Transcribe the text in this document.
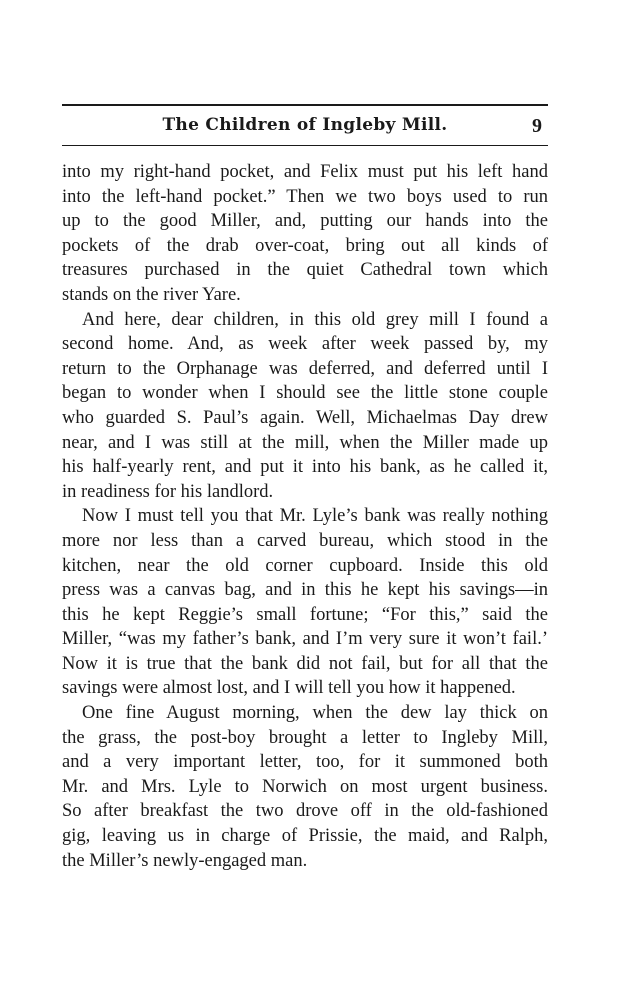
The Children of Ingleby Mill.	9
into my right-hand pocket, and Felix must put his left hand
into the left-hand pocket.” Then we two boys used to run
up to the good Miller, and, putting our hands into the
pockets of the drab over-coat, bring out all kinds of
treasures purchased in the quiet Cathedral town which
stands on the river Yare.
And here, dear children, in this old grey mill I found a
second home. And, as week after week passed by, my
return to the Orphanage was deferred, and deferred until I
began to wonder when I should see the little stone couple
who guarded S. Paul’s again. Well, Michaelmas Day drew
near, and I was still at the mill, when the Miller made up
his half-yearly rent, and put it into his bank, as he called it,
in readiness for his landlord.
Now I must tell you that Mr. Lyle’s bank was really nothing
more nor less than a carved bureau, which stood in the
kitchen, near the old corner cupboard. Inside this old
press was a canvas bag, and in this he kept his savings—in
this he kept Reggie’s small fortune; “For this,” said the
Miller, “was my father’s bank, and I’m very sure it won’t fail.’
Now it is true that the bank did not fail, but for all that the
savings were almost lost, and I will tell you how it happened.
One fine August morning, when the dew lay thick on
the grass, the post-boy brought a letter to Ingleby Mill,
and a very important letter, too, for it summoned both
Mr. and Mrs. Lyle to Norwich on most urgent business.
So after breakfast the two drove off in the old-fashioned
gig, leaving us in charge of Prissie, the maid, and Ralph,
the Miller’s newly-engaged man.
